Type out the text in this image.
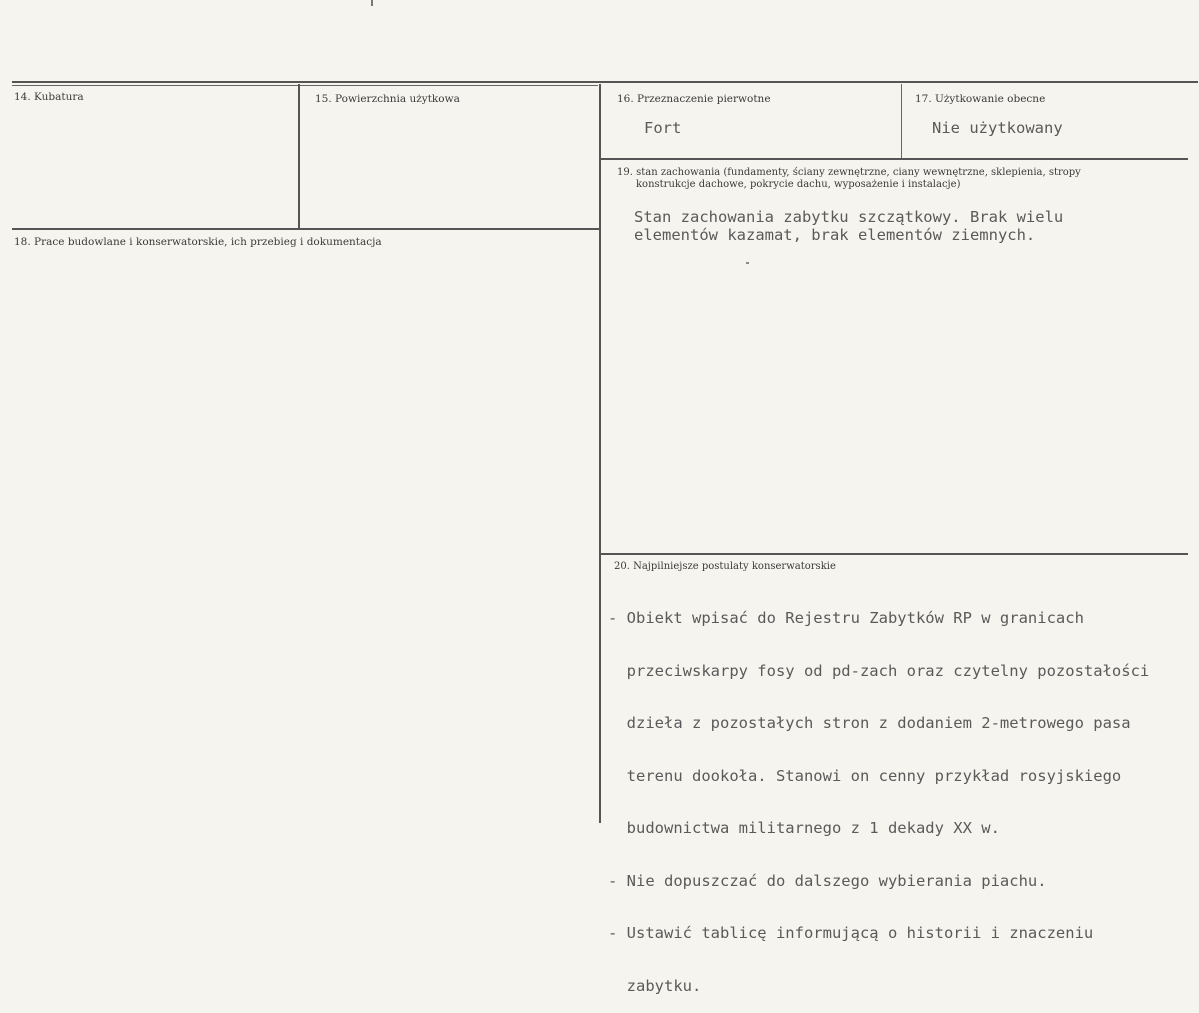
14. Kubatura	15. Powierzchnia użytkowa	16. Przeznaczenie pierwotne
Fort
17. Użytkowanie obecne
Nie użytkowany
18. Prace budowlane i konserwatorskie, ich przebieg i dokumentacja
19. stan zachowania (fundamenty, ściany zewnętrzne, ciany wewnętrzne, sklepienia, stropy
konstrukcje dachowe, pokrycie dachu, wyposażenie i instalacje)
Stan zachowania zabytku szczątkowy. Brak wielu
elementów kazamat, brak elementów ziemnych.
20. Najpilniejsze postulaty konserwatorskie

- Obiekt wpisać do Rejestru Zabytków RP w granicach

przeciwskarpy fosy od pd-zach oraz czytelny pozostałości

dzieła z pozostałych stron z dodaniem 2-metrowego pasa

terenu dookoła. Stanowi on cenny przykład rosyjskiego

budownictwa militarnego z 1 dekady XX w.

- Nie dopuszczać do dalszego wybierania piachu.

- Ustawić tablicę informującą o historii i znaczeniu

zabytku.
